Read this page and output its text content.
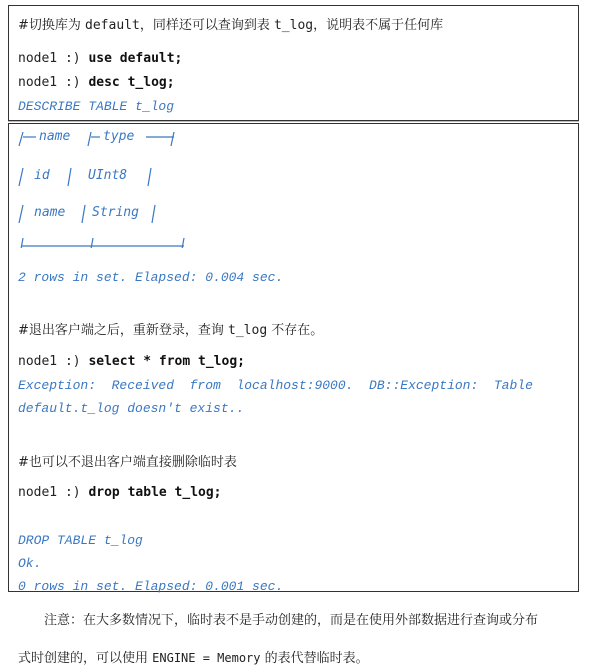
#切换库为 default，同样还可以查询到表 t_log，说明表不属于任何库
node1 :) use default;
node1 :) desc t_log;
DESCRIBE TABLE t_log
name	type
id	UInt8
name String
2 rows in set. Elapsed: 0.004 sec.
#退出客户端之后，重新登录，查询 t_log 不存在。
node1 :) select * from t_log;
Exception:  Received  from  localhost:9000.  DB::Exception:  Table
default.t_log doesn't exist..
#也可以不退出客户端直接删除临时表
node1 :) drop table t_log;
DROP TABLE t_log
Ok.
0 rows in set. Elapsed: 0.001 sec.
注意：在大多数情况下，临时表不是手动创建的，而是在使用外部数据进行查询或分布
式时创建的，可以使用 ENGINE = Memory 的表代替临时表。
